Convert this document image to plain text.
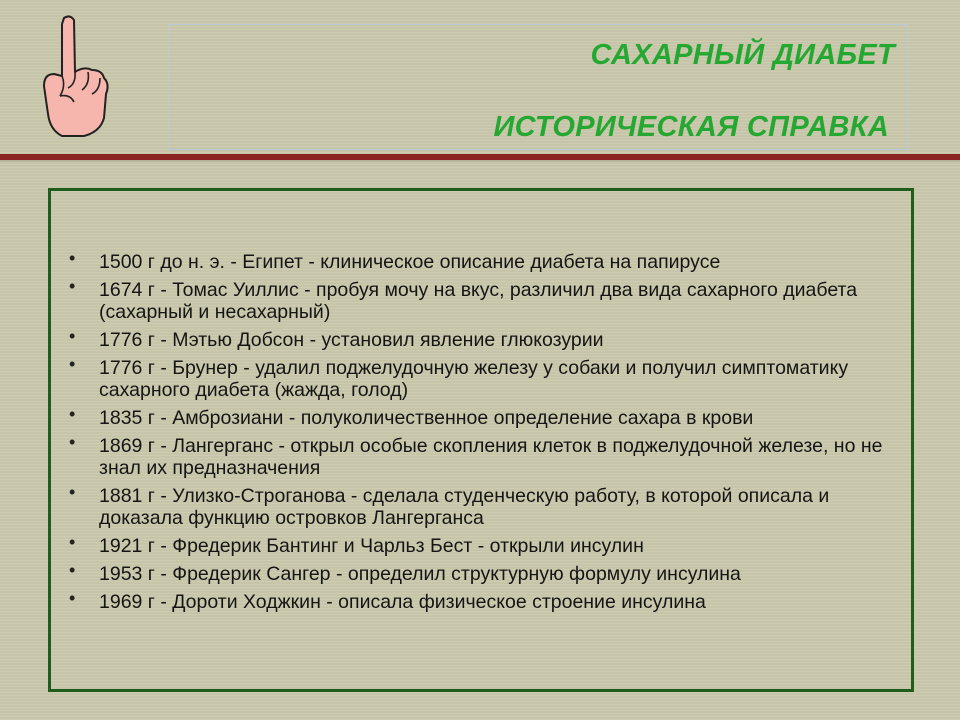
САХАРНЫЙ ДИАБЕТ
ИСТОРИЧЕСКАЯ СПРАВКА
• 1500 г до н. э. - Египет - клиническое описание диабета на папирусе
• 1674 г - Томас Уиллис - пробуя мочу на вкус, различил два вида сахарного диабета (сахарный и несахарный)
• 1776 г - Мэтью Добсон - установил явление глюкозурии
• 1776 г - Брунер - удалил поджелудочную железу у собаки и получил симптоматику сахарного диабета (жажда, голод)
• 1835 г - Амброзиани - полуколичественное определение сахара в крови
• 1869 г - Лангерганс - открыл особые скопления клеток в поджелудочной железе, но не знал их предназначения
• 1881 г - Улизко-Строганова - сделала студенческую работу, в которой описала и доказала функцию островков Лангерганса
• 1921 г - Фредерик Бантинг и Чарльз Бест - открыли инсулин
• 1953 г - Фредерик Сангер - определил структурную формулу инсулина
• 1969 г - Дороти Ходжкин - описала физическое строение инсулина
